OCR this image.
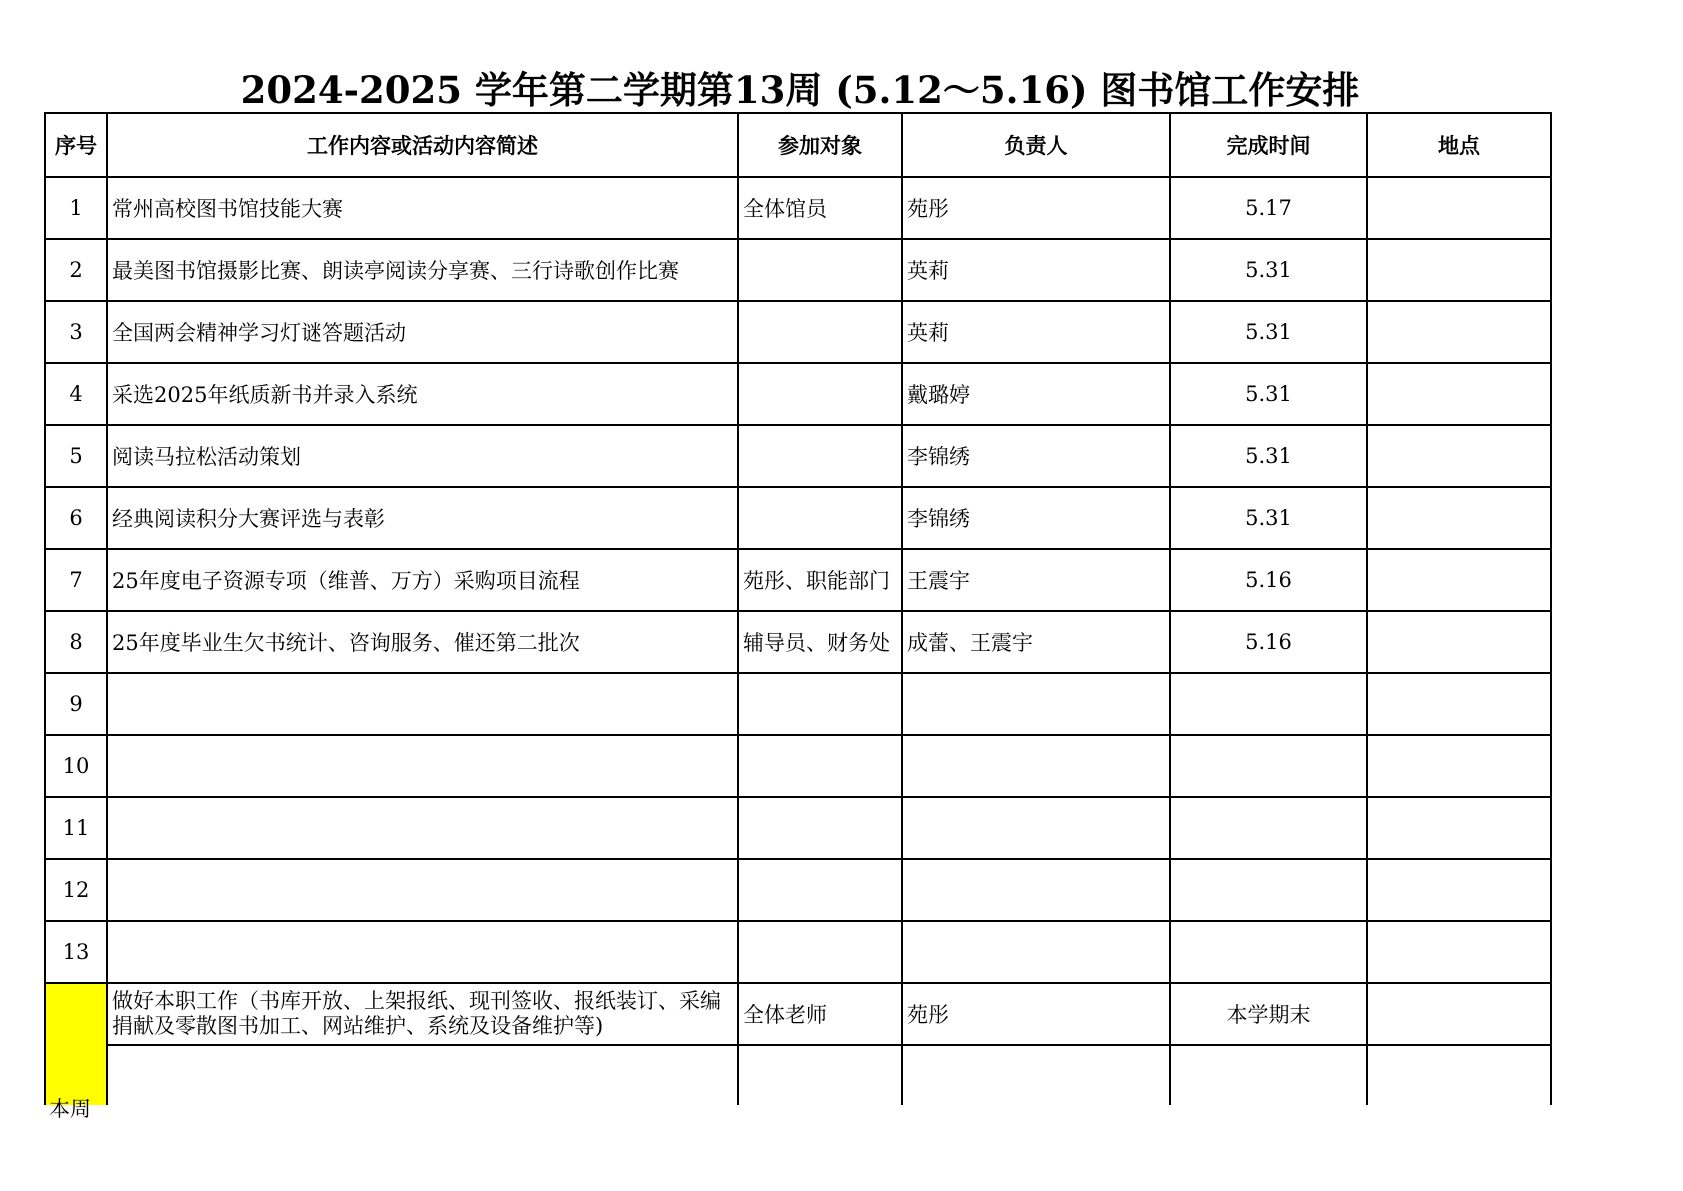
2024-2025 学年第二学期第13周 (5.12～5.16) 图书馆工作安排
序号	工作内容或活动内容简述	参加对象	负责人	完成时间	地点
1	常州高校图书馆技能大赛	全体馆员	苑彤	5.17	
2	最美图书馆摄影比赛、朗读亭阅读分享赛、三行诗歌创作比赛		英莉	5.31	
3	全国两会精神学习灯谜答题活动		英莉	5.31	
4	采选2025年纸质新书并录入系统		戴璐婷	5.31	
5	阅读马拉松活动策划		李锦绣	5.31	
6	经典阅读积分大赛评选与表彰		李锦绣	5.31	
7	25年度电子资源专项（维普、万方）采购项目流程	苑彤、职能部门	王震宇	5.16	
8	25年度毕业生欠书统计、咨询服务、催还第二批次	辅导员、财务处	成蕾、王震宇	5.16	
9					
10					
11					
12					
13					
	做好本职工作（书库开放、上架报纸、现刊签收、报纸装订、采编捐献及零散图书加工、网站维护、系统及设备维护等)	全体老师	苑彤	本学期末	

本周
